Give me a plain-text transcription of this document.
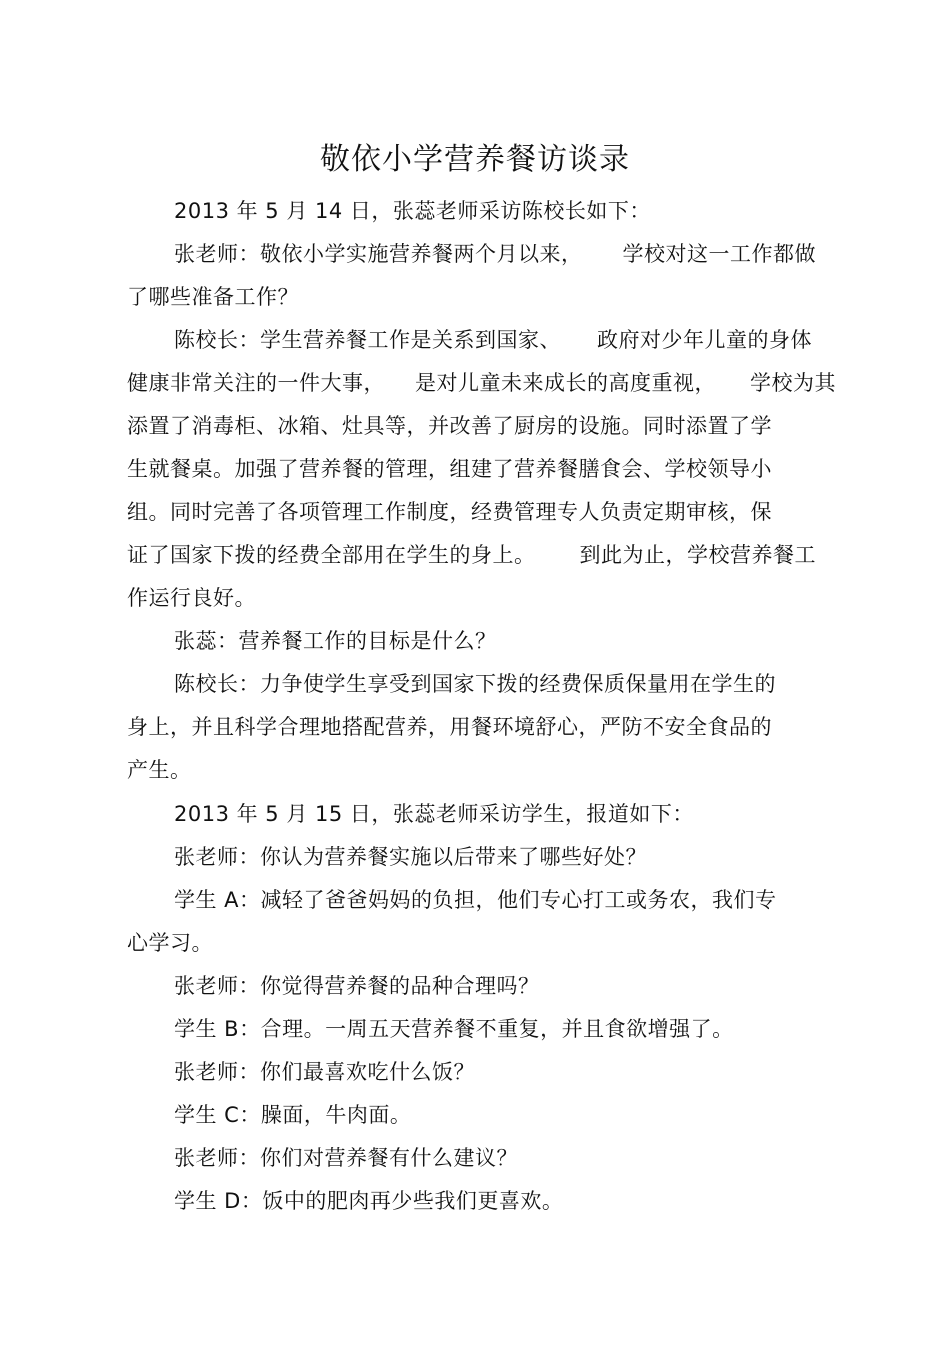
敬依小学营养餐访谈录
2013 年 5 月 14 日，张蕊老师采访陈校长如下：
张老师：敬依小学实施营养餐两个月以来， 学校对这一工作都做
了哪些准备工作？
陈校长：学生营养餐工作是关系到国家、 政府对少年儿童的身体
健康非常关注的一件大事， 是对儿童未来成长的高度重视， 学校为其
添置了消毒柜、冰箱、灶具等，并改善了厨房的设施。同时添置了学
生就餐桌。加强了营养餐的管理，组建了营养餐膳食会、学校领导小
组。同时完善了各项管理工作制度，经费管理专人负责定期审核，保
证了国家下拨的经费全部用在学生的身上。 到此为止，学校营养餐工
作运行良好。
张蕊：营养餐工作的目标是什么？
陈校长：力争使学生享受到国家下拨的经费保质保量用在学生的
身上，并且科学合理地搭配营养，用餐环境舒心，严防不安全食品的
产生。
2013 年 5 月 15 日，张蕊老师采访学生，报道如下：
张老师：你认为营养餐实施以后带来了哪些好处？
学生 A：减轻了爸爸妈妈的负担，他们专心打工或务农，我们专
心学习。
张老师：你觉得营养餐的品种合理吗？
学生 B：合理。一周五天营养餐不重复，并且食欲增强了。
张老师：你们最喜欢吃什么饭？
学生 C：臊面，牛肉面。
张老师：你们对营养餐有什么建议？
学生 D：饭中的肥肉再少些我们更喜欢。
